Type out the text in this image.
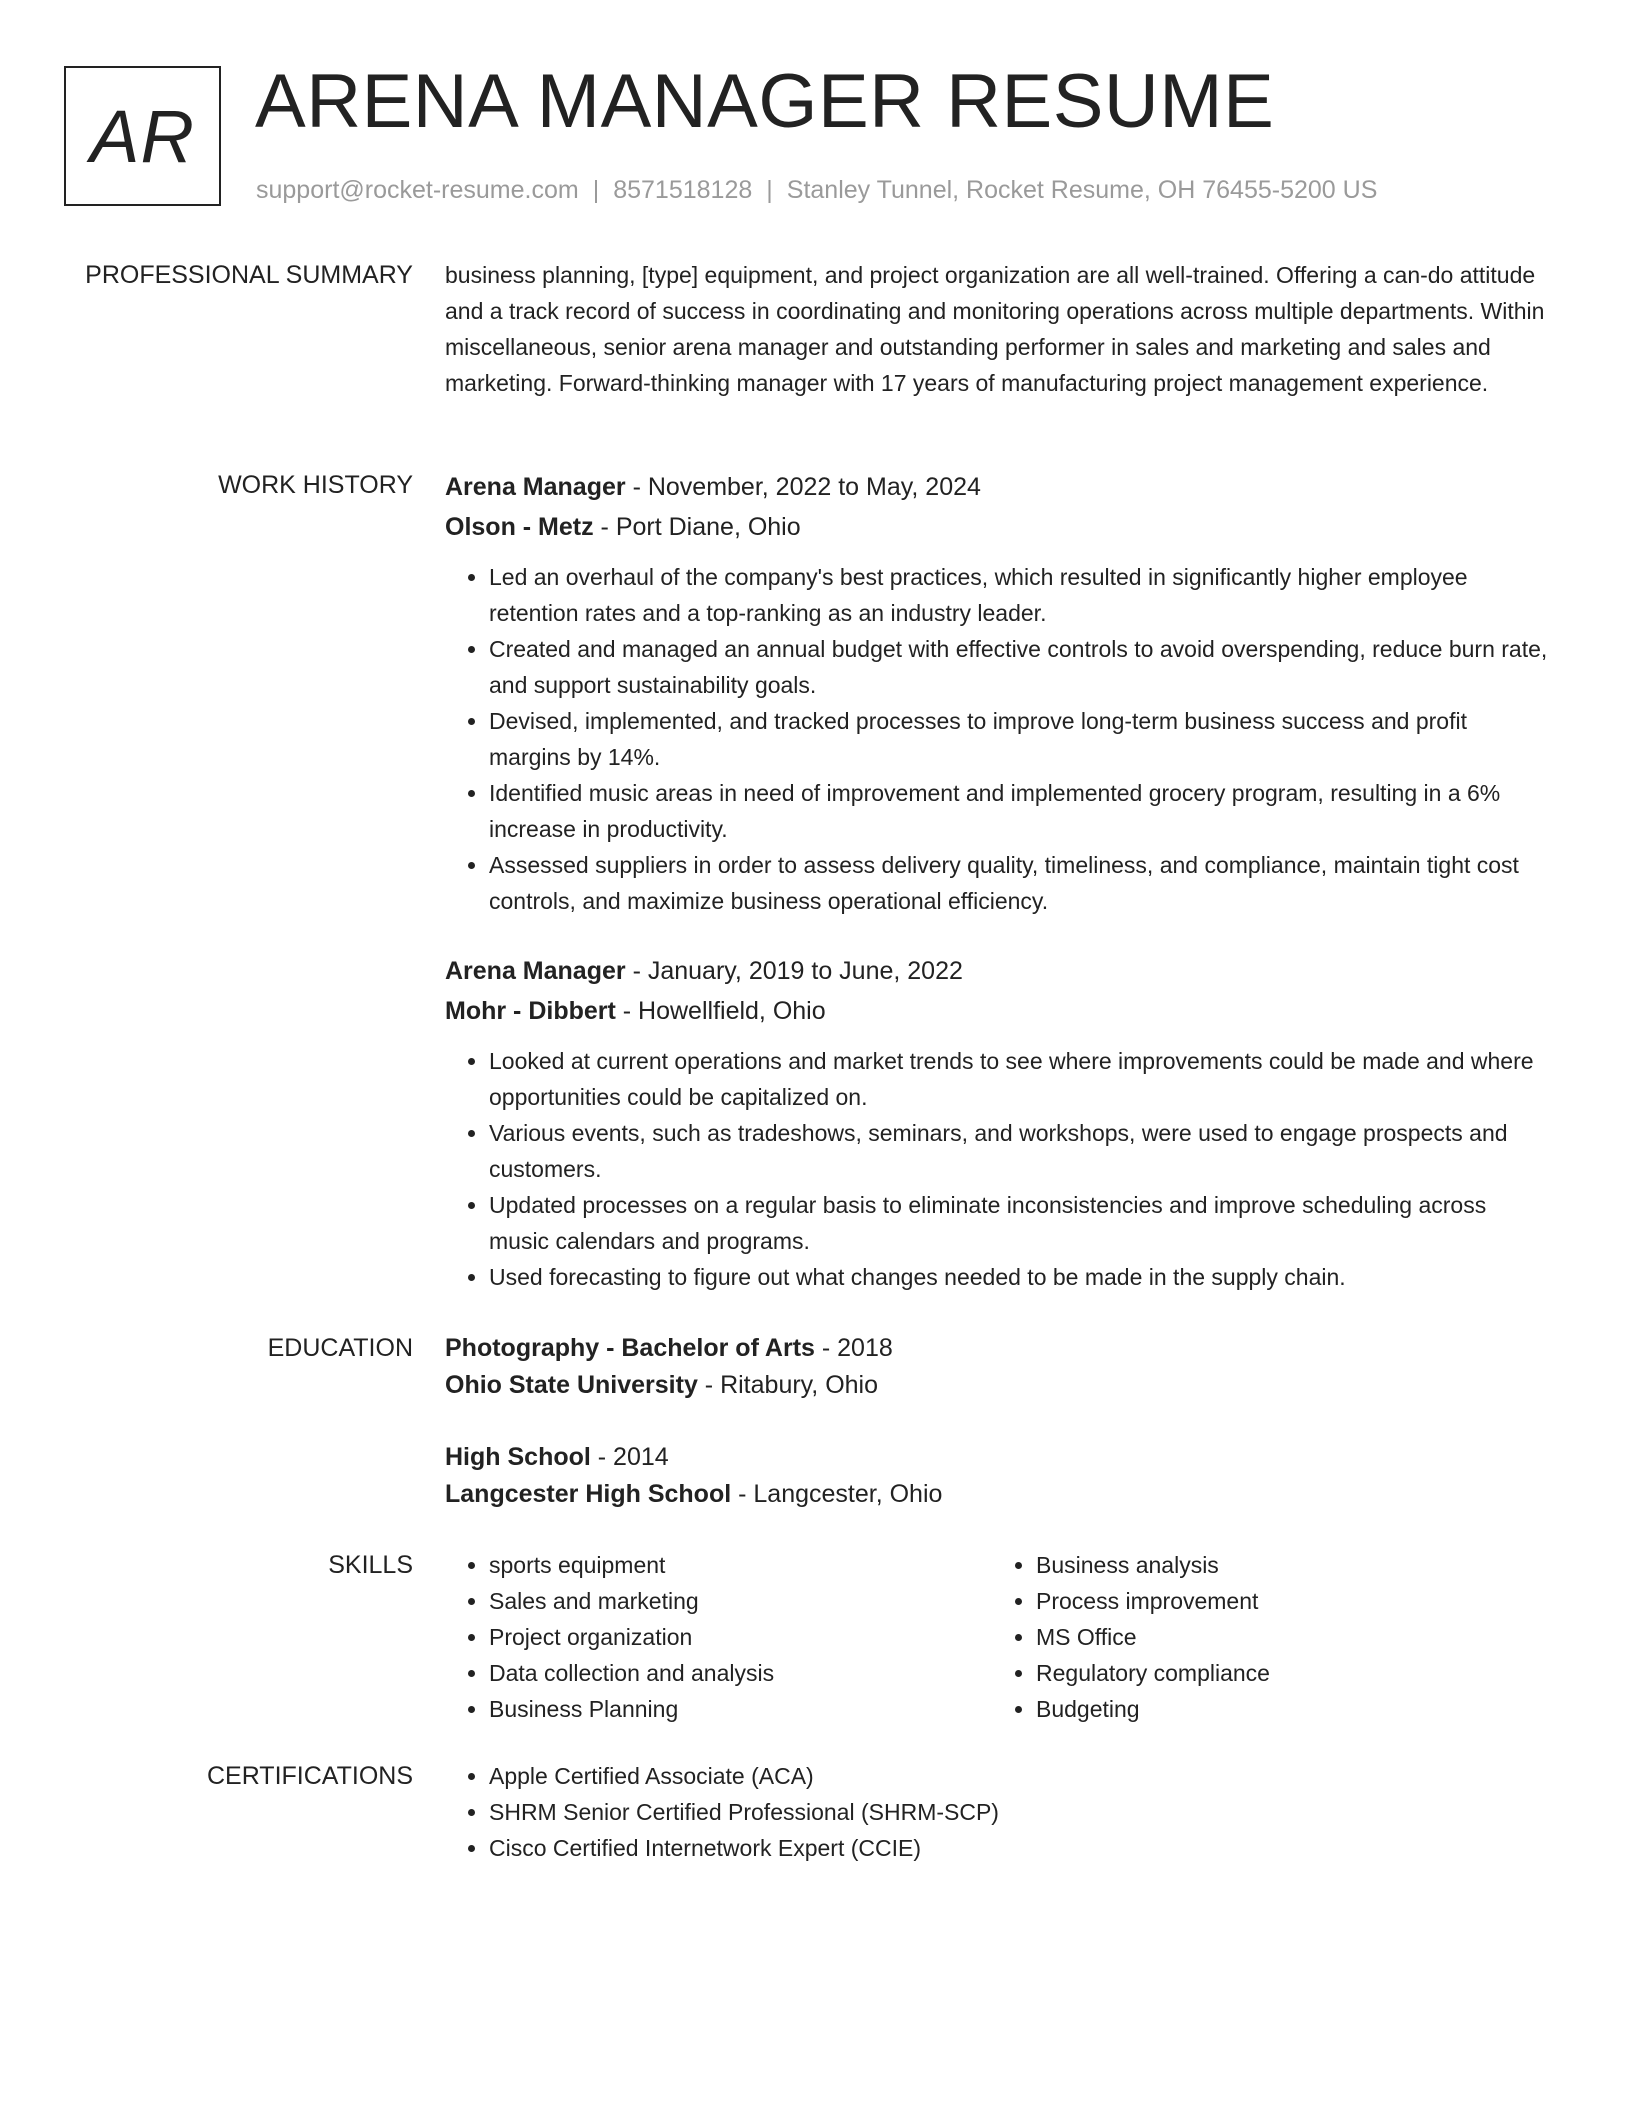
AR ARENA MANAGER RESUME
support@rocket-resume.com | 8571518128 | Stanley Tunnel, Rocket Resume, OH 76455-5200 US
PROFESSIONAL SUMMARY business planning, [type] equipment, and project organization are all well-trained. Offering a can-do attitude and a track record of success in coordinating and monitoring operations across multiple departments. Within miscellaneous, senior arena manager and outstanding performer in sales and marketing and sales and marketing. Forward-thinking manager with 17 years of manufacturing project management experience.

WORK HISTORY Arena Manager - November, 2022 to May, 2024
Olson - Metz - Port Diane, Ohio
• Led an overhaul of the company's best practices, which resulted in significantly higher employee retention rates and a top-ranking as an industry leader.
• Created and managed an annual budget with effective controls to avoid overspending, reduce burn rate, and support sustainability goals.
• Devised, implemented, and tracked processes to improve long-term business success and profit margins by 14%.
• Identified music areas in need of improvement and implemented grocery program, resulting in a 6% increase in productivity.
• Assessed suppliers in order to assess delivery quality, timeliness, and compliance, maintain tight cost controls, and maximize business operational efficiency.
Arena Manager - January, 2019 to June, 2022
Mohr - Dibbert - Howellfield, Ohio
• Looked at current operations and market trends to see where improvements could be made and where opportunities could be capitalized on.
• Various events, such as tradeshows, seminars, and workshops, were used to engage prospects and customers.
• Updated processes on a regular basis to eliminate inconsistencies and improve scheduling across music calendars and programs.
• Used forecasting to figure out what changes needed to be made in the supply chain.
EDUCATION Photography - Bachelor of Arts - 2018
Ohio State University - Ritabury, Ohio
High School - 2014
Langcester High School - Langcester, Ohio
SKILLS	• sports equipment
• Sales and marketing
• Project organization
• Data collection and analysis
• Business Planning
• Business analysis
• Process improvement
• MS Office
• Regulatory compliance
• Budgeting
CERTIFICATIONS	• Apple Certified Associate (ACA)
• SHRM Senior Certified Professional (SHRM-SCP)
• Cisco Certified Internetwork Expert (CCIE)
